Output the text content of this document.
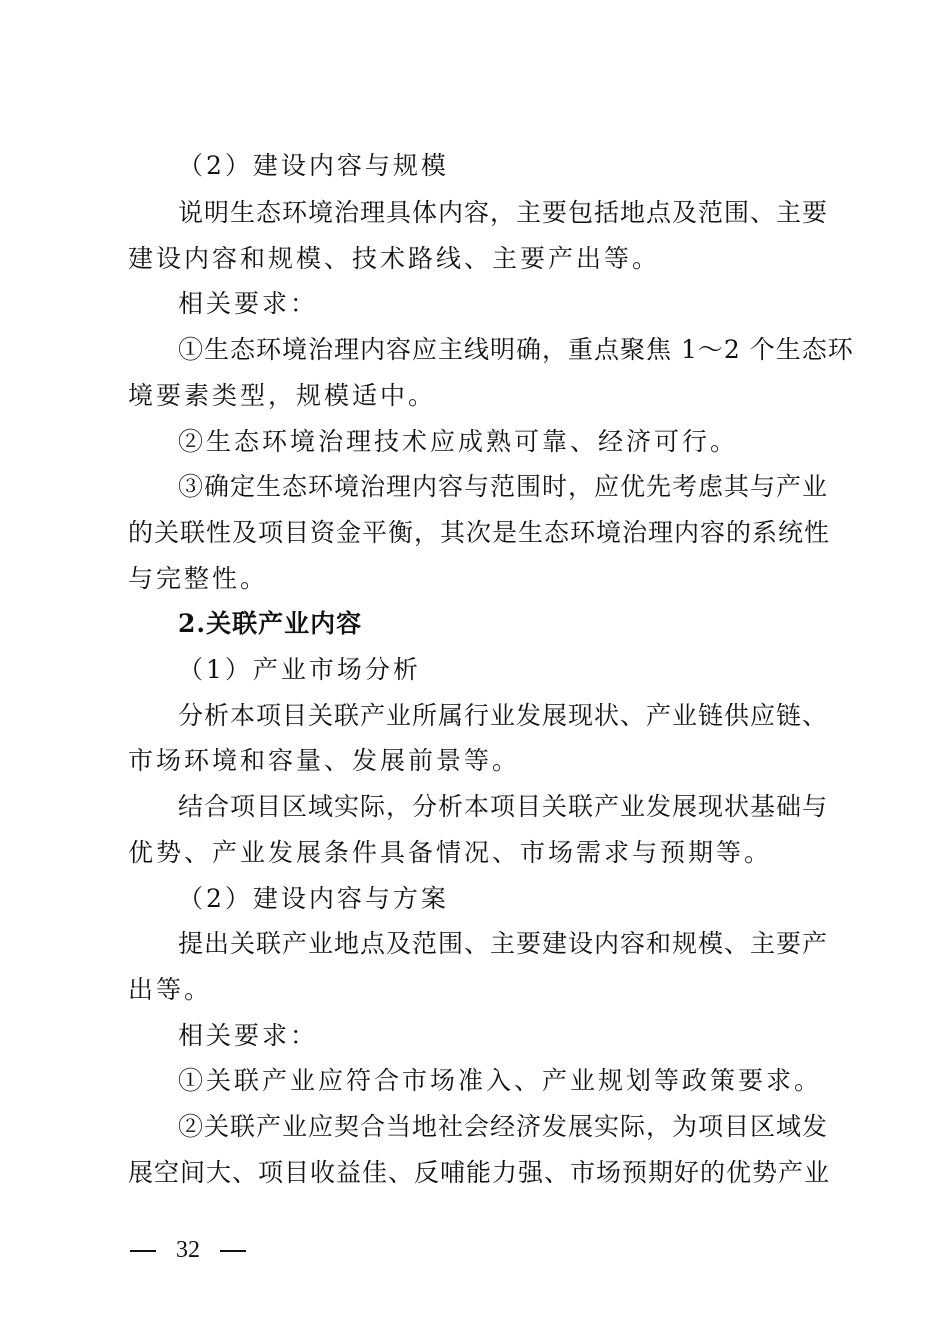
（2）建设内容与规模
说明生态环境治理具体内容，主要包括地点及范围、主要
建设内容和规模、技术路线、主要产出等。
相关要求：
①生态环境治理内容应主线明确，重点聚焦 1～2 个生态环
境要素类型，规模适中。
②生态环境治理技术应成熟可靠、经济可行。
③确定生态环境治理内容与范围时，应优先考虑其与产业
的关联性及项目资金平衡，其次是生态环境治理内容的系统性
与完整性。
2.关联产业内容
（1）产业市场分析
分析本项目关联产业所属行业发展现状、产业链供应链、
市场环境和容量、发展前景等。
结合项目区域实际，分析本项目关联产业发展现状基础与
优势、产业发展条件具备情况、市场需求与预期等。
（2）建设内容与方案
提出关联产业地点及范围、主要建设内容和规模、主要产
出等。
相关要求：
①关联产业应符合市场准入、产业规划等政策要求。
②关联产业应契合当地社会经济发展实际，为项目区域发
展空间大、项目收益佳、反哺能力强、市场预期好的优势产业
32
